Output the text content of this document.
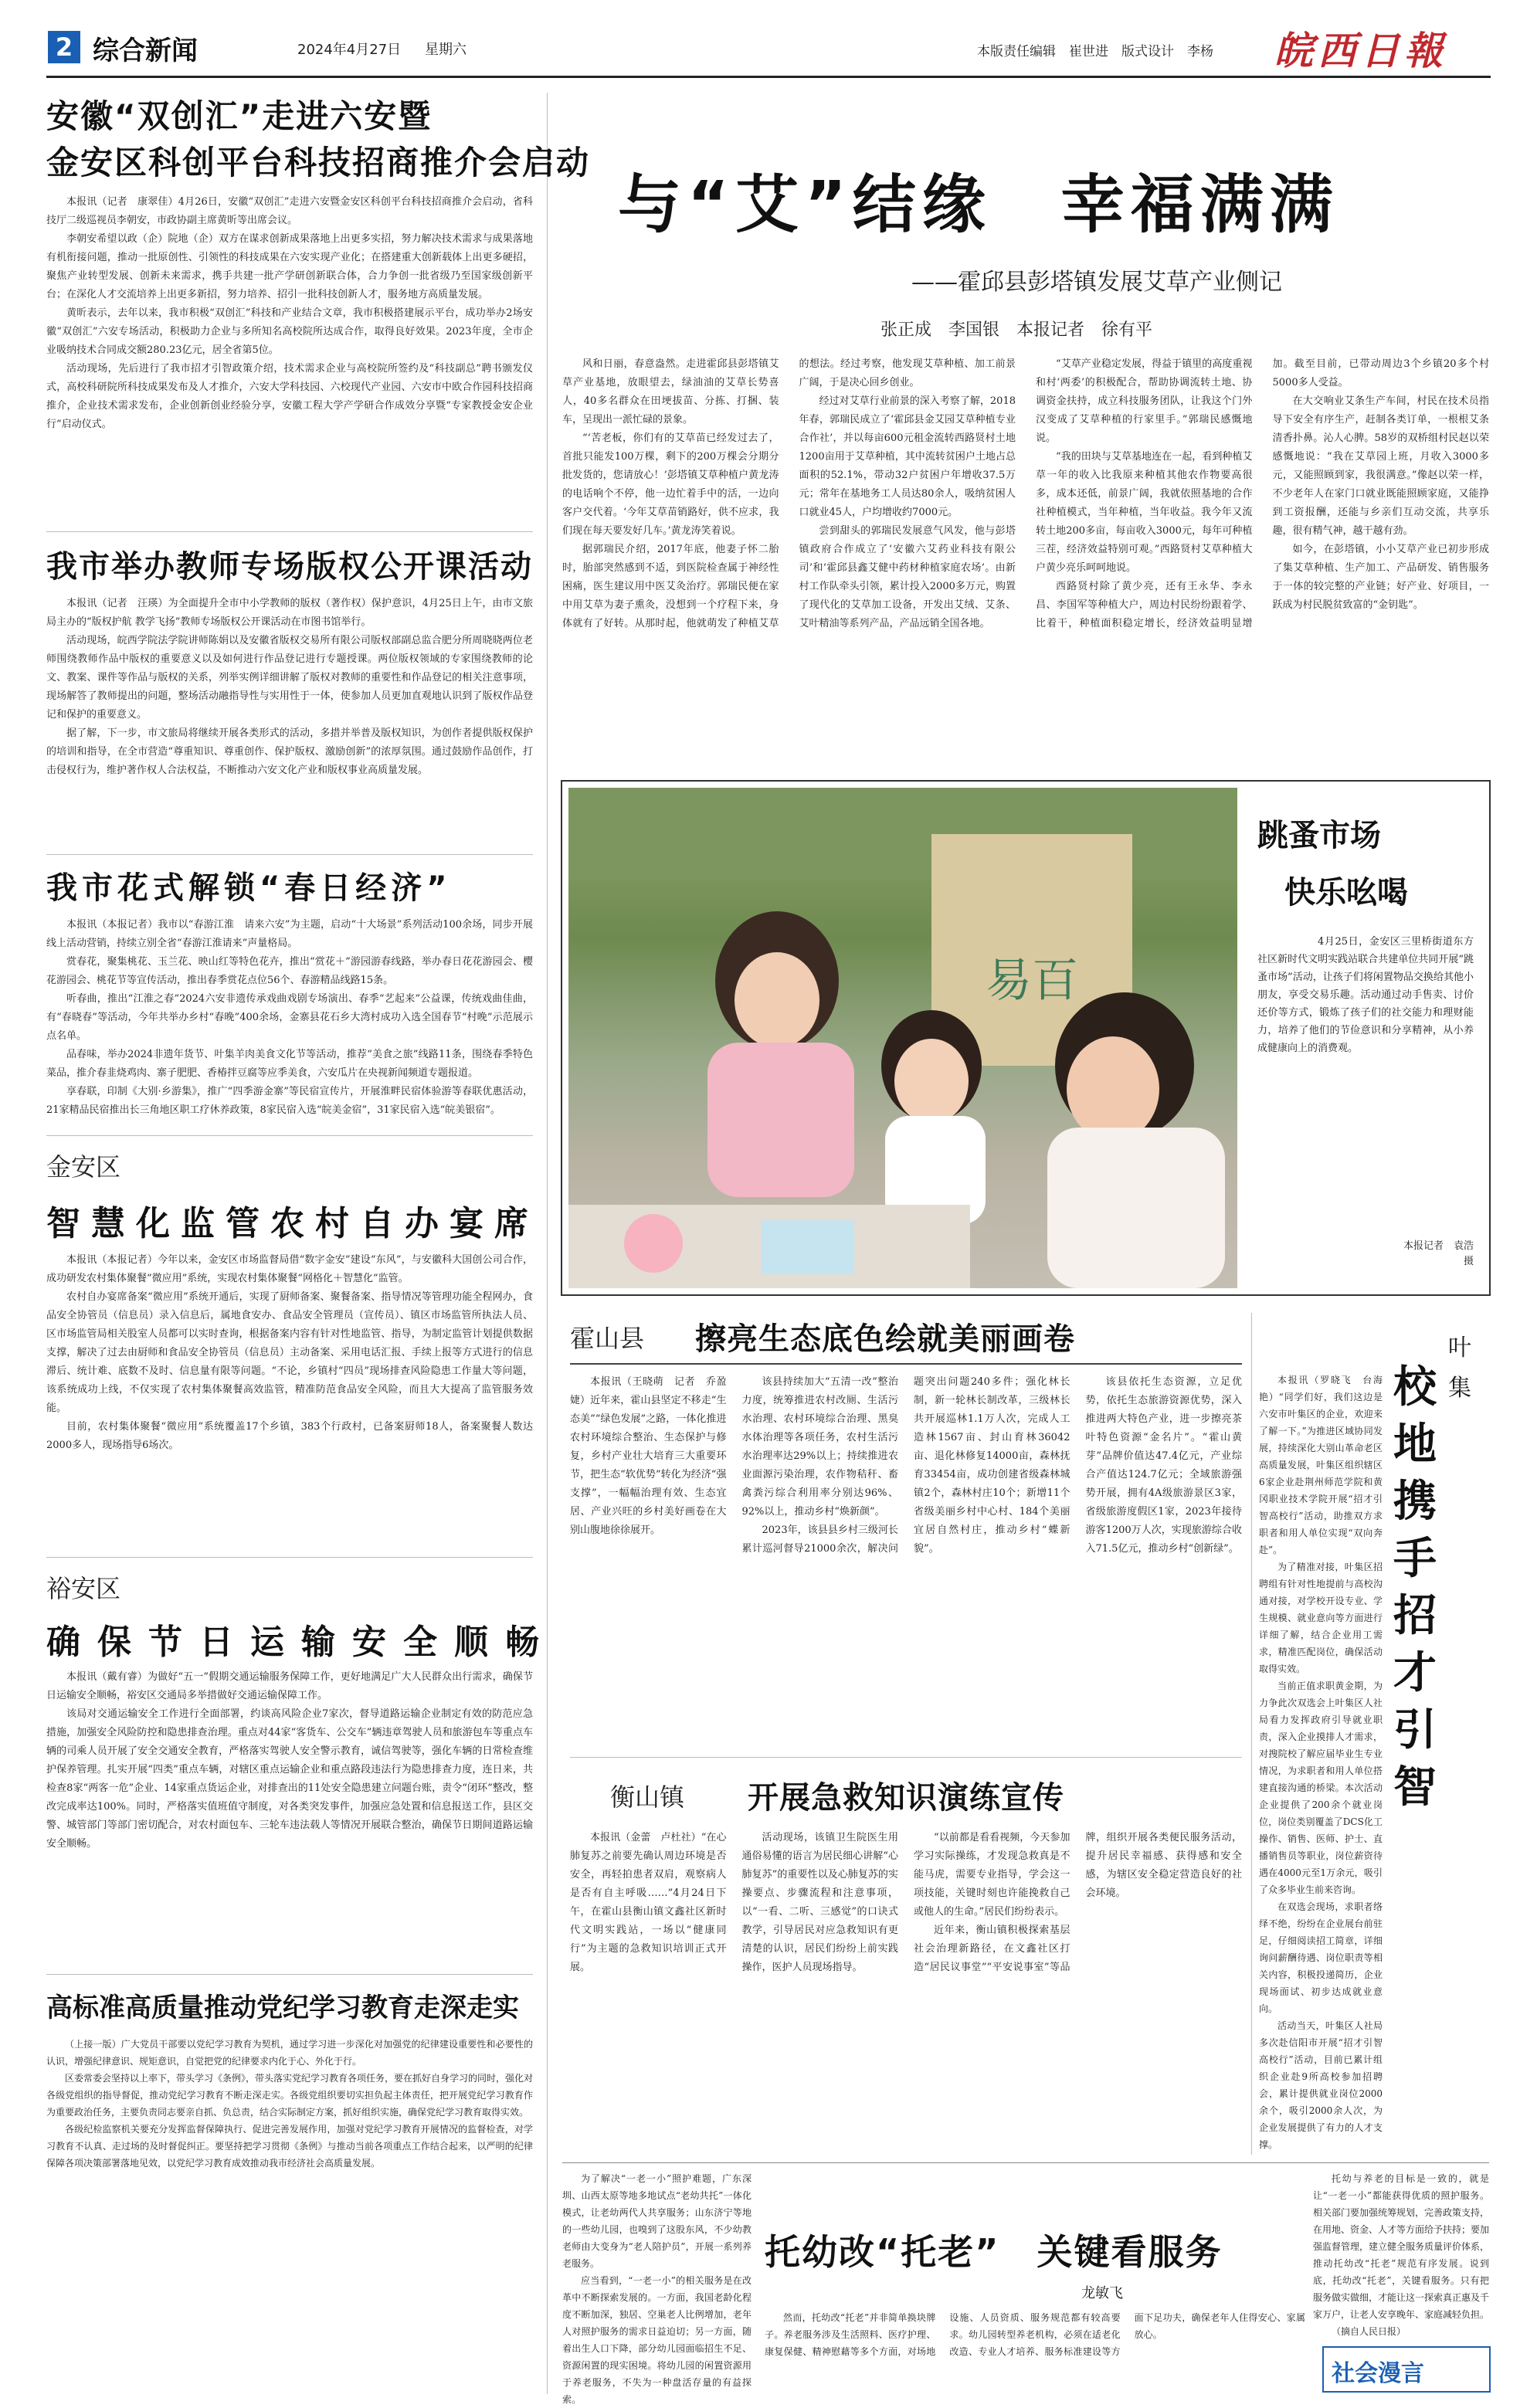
2 综合新闻	2024年4月27日 星期六	本版责任编辑　崔世进　版式设计　李杨 皖西日報
安徽“双创汇”走进六安暨
金安区科创平台科技招商推介会启动

本报讯（记者　康翠佳）4月26日，安徽“双创汇”走进六安暨金安区科创平台科技招商推介会启动，省科技厅二级巡视员李朝安，市政协副主席黄昕等出席会议。

李朝安希望以政（企）院地（企）双方在谋求创新成果落地上出更多实招，努力解决技术需求与成果落地有机衔接问题，推动一批原创性、引领性的科技成果在六安实现产业化；在搭建重大创新载体上出更多硬招，聚焦产业转型发展、创新未来需求，携手共建一批产学研创新联合体，合力争创一批省级乃至国家级创新平台；在深化人才交流培养上出更多新招，努力培养、招引一批科技创新人才，服务地方高质量发展。

黄昕表示，去年以来，我市积极“双创汇”科技和产业结合文章，我市积极搭建展示平台，成功举办2场安徽“双创汇”六安专场活动，积极助力企业与多所知名高校院所达成合作，取得良好效果。2023年度，全市企业吸纳技术合同成交额280.23亿元，居全省第5位。

活动现场，先后进行了我市招才引智政策介绍，技术需求企业与高校院所签约及“科技副总”聘书颁发仪式，高校科研院所科技成果发布及人才推介，六安大学科技园、六校现代产业园、六安市中欧合作园科技招商推介，企业技术需求发布，企业创新创业经验分享，安徽工程大学产学研合作成效分享暨“专家教授金安企业行”启动仪式。

我市举办教师专场版权公开课活动

本报讯（记者　汪瑛）为全面提升全市中小学教师的版权（著作权）保护意识，4月25日上午，由市文旅局主办的“版权护航 教学飞扬”教师专场版权公开课活动在市图书馆举行。

活动现场，皖西学院法学院讲师陈娟以及安徽省版权交易所有限公司版权部副总监合肥分所周晓晓两位老师围绕教师作品中版权的重要意义以及如何进行作品登记进行专题授课。两位版权领域的专家围绕教师的论文、教案、课件等作品与版权的关系，列举实例详细讲解了版权对教师的重要性和作品登记的相关注意事项，现场解答了教师提出的问题，整场活动融指导性与实用性于一体，使参加人员更加直观地认识到了版权作品登记和保护的重要意义。

据了解，下一步，市文旅局将继续开展各类形式的活动，多措并举普及版权知识，为创作者提供版权保护的培训和指导，在全市营造“尊重知识、尊重创作、保护版权、激励创新”的浓厚氛围。通过鼓励作品创作，打击侵权行为，维护著作权人合法权益，不断推动六安文化产业和版权事业高质量发展。

我市花式解锁“春日经济”

本报讯（本报记者）我市以“春游江淮　请来六安”为主题，启动“十大场景”系列活动100余场，同步开展线上活动营销，持续立别全省“春游江淮请来”声量格局。

赏春花，聚集桃花、玉兰花、映山红等特色花卉，推出“赏花＋”游园游春线路，举办春日花花游园会、樱花游园会、桃花节等宣传活动，推出春季赏花点位56个、春游精品线路15条。

听春曲，推出“江淮之春”2024六安非遗传承戏曲戏剧专场演出、春季“艺起来”公益课，传统戏曲佳曲，有“春晓春”等活动，今年共举办乡村“春晚”400余场，金寨县花石乡大湾村成功入选全国春节“村晚”示范展示点名单。

品春味，举办2024非遗年货节、叶集羊肉美食文化节等活动，推荐“美食之旅”线路11条，围绕春季特色菜品，推介春韭烧鸡肉、寨子肥肥、香椿拌豆腐等应季美食，六安瓜片在央视新闻频道专题报道。

享春联，印制《大别·乡游集》，推广“四季游金寨”等民宿宣传片，开展淮畔民宿体验游等春联优惠活动，21家精品民宿推出长三角地区职工疗休养政策，8家民宿入选“皖美金宿”，31家民宿入选“皖美银宿”。

金安区
智慧化监管农村自办宴席

本报讯（本报记者）今年以来，金安区市场监督局借“数字金安”建设“东风”，与安徽科大国创公司合作，成功研发农村集体聚餐“微应用”系统，实现农村集体聚餐“网格化＋智慧化”监管。

农村自办宴席备案“微应用”系统开通后，实现了厨师备案、聚餐备案、指导情况等管理功能全程网办，食品安全协管员（信息员）录入信息后，属地食安办、食品安全管理员（宣传员）、镇区市场监管所执法人员、区市场监管局相关股室人员都可以实时查询，根据备案内容有针对性地监管、指导，为制定监管计划提供数据支撑，解决了过去由厨师和食品安全协管员（信息员）主动备案、采用电话汇报、手续上报等方式进行的信息滞后、统计难、底数不及时、信息量有限等问题。“不论，乡镇村“四员”现场排查风险隐患工作量大等问题，该系统成功上线，不仅实现了农村集体聚餐高效监管，精准防范食品安全风险，而且大大提高了监管服务效能。

目前，农村集体聚餐“微应用”系统覆盖17个乡镇，383个行政村，已备案厨师18人，备案聚餐人数达2000多人，现场指导6场次。

裕安区
确保节日运输安全顺畅

本报讯（戴有睿）为做好“五一”假期交通运输服务保障工作，更好地满足广大人民群众出行需求，确保节日运输安全顺畅，裕安区交通局多举措做好交通运输保障工作。

该局对交通运输安全工作进行全面部署，约谈高风险企业7家次，督导道路运输企业制定有效的防范应急措施，加强安全风险防控和隐患排查治理。重点对44家“客货车、公交车”辆违章驾驶人员和旅游包车等重点车辆的司乘人员开展了安全交通安全教育，严格落实驾驶人安全警示教育，诚信驾驶等，强化车辆的日常检查维护保养管理。扎实开展“四类”重点车辆，对辖区重点运输企业和重点路段违法行为隐患排查力度，连日来，共检查8家“两客一危”企业、14家重点货运企业，对排查出的11处安全隐患建立问题台账，责令“闭环”整改，整改完成率达100%。同时，严格落实值班值守制度，对各类突发事件，加强应急处置和信息报送工作，县区交警、城管部门等部门密切配合，对农村面包车、三轮车违法载人等情况开展联合整治，确保节日期间道路运输安全顺畅。

高标准高质量推动党纪学习教育走深走实

（上接一版）广大党员干部要以党纪学习教育为契机，通过学习进一步深化对加强党的纪律建设重要性和必要性的认识，增强纪律意识、规矩意识，自觉把党的纪律要求内化于心、外化于行。

区委常委会坚持以上率下，带头学习《条例》，带头落实党纪学习教育各项任务，要在抓好自身学习的同时，强化对各级党组织的指导督促，推动党纪学习教育不断走深走实。各级党组织要切实担负起主体责任，把开展党纪学习教育作为重要政治任务，主要负责同志要亲自抓、负总责，结合实际制定方案，抓好组织实施，确保党纪学习教育取得实效。

各级纪检监察机关要充分发挥监督保障执行、促进完善发展作用，加强对党纪学习教育开展情况的监督检查，对学习教育不认真、走过场的及时督促纠正。要坚持把学习贯彻《条例》与推动当前各项重点工作结合起来，以严明的纪律保障各项决策部署落地见效，以党纪学习教育成效推动我市经济社会高质量发展。

与“艾”结缘　幸福满满
——霍邱县彭塔镇发展艾草产业侧记
张正成　李国银　本报记者　徐有平

风和日丽，春意盎然。走进霍邱县彭塔镇艾草产业基地，放眼望去，绿油油的艾草长势喜人，40多名群众在田埂拔苗、分拣、打捆、装车，呈现出一派忙碌的景象。

“‘苦老板，你们有的艾草苗已经发过去了，首批只能发100万棵，剩下的200万棵会分期分批发货的，您请放心！’彭塔镇艾草种植户黄龙涛的电话响个不停，他一边忙着手中的活，一边向客户交代着。‘今年艾草苗销路好，供不应求，我们现在每天要发好几车。’黄龙涛笑着说。

据郭瑞民介绍，2017年底，他妻子怀二胎时，胎部突然感到不适，到医院检查属于神经性困痛，医生建议用中医艾灸治疗。郭瑞民便在家中用艾草为妻子熏灸，没想到一个疗程下来，身体就有了好转。从那时起，他就萌发了种植艾草的想法。经过考察，他发现艾草种植、加工前景广阔，于是决心回乡创业。

经过对艾草行业前景的深入考察了解，2018年春，郭瑞民成立了‘霍邱县金艾园艾草种植专业合作社’，并以每亩600元租金流转西路贤村土地1200亩用于艾草种植，其中流转贫困户土地占总面积的52.1%，带动32户贫困户年增收37.5万元；常年在基地务工人员达80余人，吸纳贫困人口就业45人，户均增收约7000元。

尝到甜头的郭瑞民发展意气风发，他与彭塔镇政府合作成立了‘安徽六艾药业科技有限公司’和‘霍邱县鑫艾健中药材种植家庭农场’。由新村工作队牵头引领，累计投入2000多万元，购置了现代化的艾草加工设备，开发出艾绒、艾条、艾叶精油等系列产品，产品远销全国各地。

“艾草产业稳定发展，得益于镇里的高度重视和村‘两委’的积极配合，帮助协调流转土地、协调资金扶持，成立科技服务团队，让我这个门外汉变成了艾草种植的行家里手。”郭瑞民感慨地说。

“我的田块与艾草基地连在一起，看到种植艾草一年的收入比我原来种植其他农作物要高很多，成本还低，前景广阔，我就依照基地的合作社种植模式，当年种植，当年收益。我今年又流转土地200多亩，每亩收入3000元，每年可种植三茬，经济效益特别可观。”西路贤村艾草种植大户黄少亮乐呵呵地说。

西路贤村除了黄少亮，还有王永华、李永昌、李国军等种植大户，周边村民纷纷跟着学、比着干，种植面积稳定增长，经济效益明显增加。截至目前，已带动周边3个乡镇20多个村5000多人受益。

在大交响业艾条生产车间，村民在技术员指导下安全有序生产，赶制各类订单，一根根艾条清香扑鼻。沁人心脾。58岁的双桥组村民赵以荣感慨地说：“我在艾草园上班，月收入3000多元，又能照顾到家，我很满意。”像赵以荣一样，不少老年人在家门口就业既能照顾家庭，又能挣到工资报酬，还能与乡亲们互动交流，共享乐趣，很有精气神，越干越有劲。

如今，在彭塔镇，小小艾草产业已初步形成了集艾草种植、生产加工、产品研发、销售服务于一体的较完整的产业链；好产业、好项目，一跃成为村民脱贫致富的“金钥匙”。

易百
跳蚤市场
快乐吆喝
4月25日，金安区三里桥街道东方社区新时代文明实践站联合共建单位共同开展“跳蚤市场”活动，让孩子们将闲置物品交换给其他小朋友，享受交易乐趣。活动通过动手售卖、讨价还价等方式，锻炼了孩子们的社交能力和理财能力，培养了他们的节俭意识和分享精神，从小养成健康向上的消费观。
本报记者　袁浩　摄
霍山县 擦亮生态底色绘就美丽画卷

本报讯（王晓萌　记者　乔盈婕）近年来，霍山县坚定不移走“生态美”“绿色发展”之路，一体化推进农村环境综合整治、生态保护与修复，乡村产业壮大培育三大重要环节，把生态“软优势”转化为经济“强支撑”，一幅幅治理有效、生态宜居、产业兴旺的乡村美好画卷在大别山腹地徐徐展开。

该县持续加大“五清一改”整治力度，统筹推进农村改厕、生活污水治理、农村环境综合治理、黑臭水体治理等各项任务，农村生活污水治理率达29%以上；持续推进农业面源污染治理，农作物秸秆、畜禽粪污综合利用率分别达96%、92%以上，推动乡村“焕新颜”。

2023年，该县县乡村三级河长累计巡河督导21000余次，解决问题突出问题240多件；强化林长制，新一轮林长制改革，三级林长共开展巡林1.1万人次，完成人工造林1567亩、封山育林36042亩、退化林修复14000亩，森林抚育33454亩，成功创建省级森林城镇2个，森林村庄10个；新增11个省级美丽乡村中心村、184个美丽宜居自然村庄，推动乡村“蝶新貌”。

该县依托生态资源，立足优势，依托生态旅游资源优势，深入推进两大特色产业，进一步擦亮茶叶特色资源“金名片”。“霍山黄芽”品牌价值达47.4亿元，产业综合产值达124.7亿元；全域旅游强势开展，拥有4A级旅游景区3家，省级旅游度假区1家，2023年接待游客1200万人次，实现旅游综合收入71.5亿元，推动乡村“创新绿”。

衡山镇 开展急救知识演练宣传

本报讯（金蕾　卢杜社）“在心肺复苏之前要先确认周边环境是否安全，再轻拍患者双肩，观察病人是否有自主呼吸……”4月24日下午，在霍山县衡山镇文鑫社区新时代文明实践站，一场以“健康同行”为主题的急救知识培训正式开展。

活动现场，该镇卫生院医生用通俗易懂的语言为居民细心讲解“心肺复苏”的重要性以及心肺复苏的实操要点、步骤流程和注意事项，以“一看、二听、三感觉”的口诀式教学，引导居民对应急救知识有更清楚的认识，居民们纷纷上前实践操作，医护人员现场指导。

“以前都是看看视频，今天参加学习实际操练，才发现急救真是不能马虎，需要专业指导，学会这一项技能，关键时刻也许能挽救自己或他人的生命。”居民们纷纷表示。

近年来，衡山镇积极探索基层社会治理新路径，在文鑫社区打造“居民议事堂”“平安说事室”等品牌，组织开展各类便民服务活动，提升居民幸福感、获得感和安全感，为辖区安全稳定营造良好的社会环境。

叶集
校地携手招才引智

本报讯（罗晓飞　台海艳）“同学们好，我们这边是六安市叶集区的企业，欢迎来了解一下。”为推进区域协同发展，持续深化大别山革命老区高质量发展，叶集区组织辖区6家企业赴荆州师范学院和黄冈职业技术学院开展“招才引智高校行”活动，助推双方求职者和用人单位实现“双向奔赴”。

为了精准对接，叶集区招聘组有针对性地提前与高校沟通对接，对学校开设专业、学生规模、就业意向等方面进行详细了解，结合企业用工需求，精准匹配岗位，确保活动取得实效。

当前正值求职黄金期，为力争此次双选会上叶集区人社局看力发挥政府引导就业职责，深入企业摸排人才需求，对搜院校了解应届毕业生专业情况，为求职者和用人单位搭建直接沟通的桥梁。本次活动企业提供了200余个就业岗位，岗位类别覆盖了DCS化工操作、销售、医师、护士、直播销售员等职业，岗位薪资待遇在4000元至1万余元，吸引了众多毕业生前来咨询。

在双选会现场，求职者络绎不绝，纷纷在企业展台前驻足，仔细阅读招工简章，详细询问薪酬待遇、岗位职责等相关内容，积极投递简历，企业现场面试、初步达成就业意向。

活动当天，叶集区人社局多次赴信阳市开展“招才引智高校行”活动，目前已累计组织企业赴9所高校参加招聘会，累计提供就业岗位2000余个，吸引2000余人次，为企业发展提供了有力的人才支撑。

托幼改“托老”　关键看服务
龙敏飞

为了解决“一老一小”照护难题，广东深圳、山西太原等地多地试点“老幼共托”一体化模式，让老幼两代人共享服务；山东济宁等地的一些幼儿园，也嗅到了这股东风，不少幼教老师由大变身为“老人陪护员”，开展一系列养老服务。

应当看到，“一老一小”的相关服务是在改革中不断探索发展的。一方面，我国老龄化程度不断加深，独居、空巢老人比例增加，老年人对照护服务的需求日益迫切；另一方面，随着出生人口下降，部分幼儿园面临招生不足、资源闲置的现实困境。将幼儿园的闲置资源用于养老服务，不失为一种盘活存量的有益探索。

然而，托幼改“托老”并非简单换块牌子。养老服务涉及生活照料、医疗护理、康复保健、精神慰藉等多个方面，对场地设施、人员资质、服务规范都有较高要求。幼儿园转型养老机构，必须在适老化改造、专业人才培养、服务标准建设等方面下足功夫，确保老年人住得安心、家属放心。

托幼与养老的目标是一致的，就是让“一老一小”都能获得优质的照护服务。相关部门要加强统筹规划，完善政策支持，在用地、资金、人才等方面给予扶持；要加强监督管理，建立健全服务质量评价体系，推动托幼改“托老”规范有序发展。说到底，托幼改“托老”，关键看服务。只有把服务做实做细，才能让这一探索真正惠及千家万户，让老人安享晚年、家庭减轻负担。

（摘自人民日报）

社会漫言
